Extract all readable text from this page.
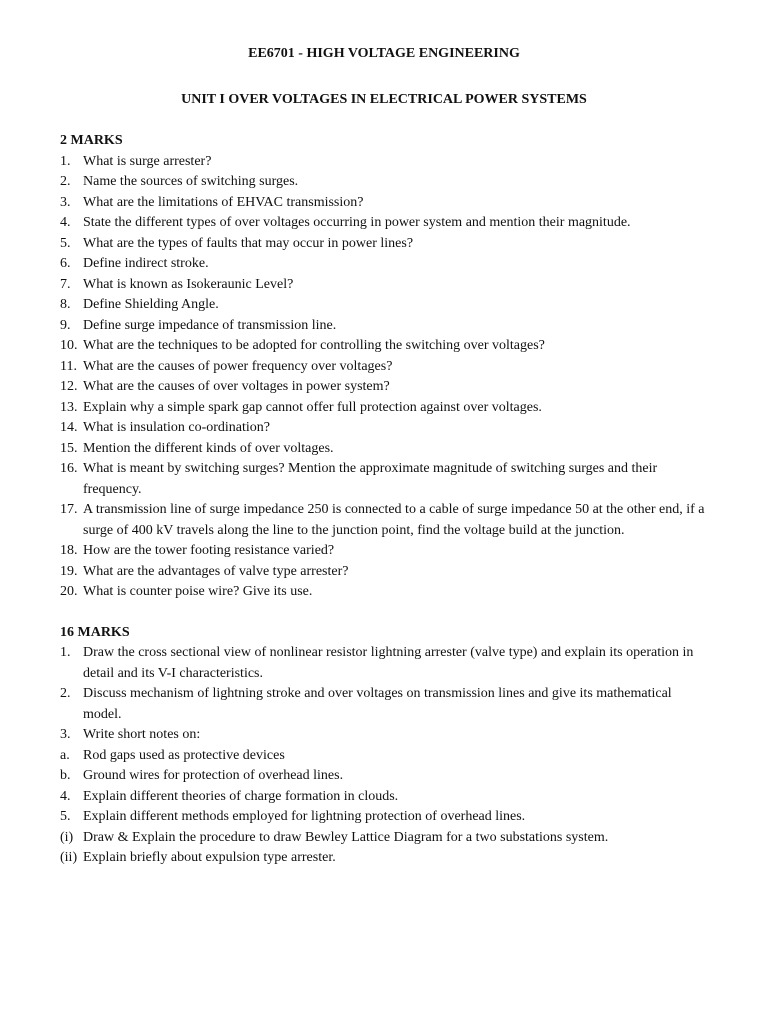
EE6701 - HIGH VOLTAGE ENGINEERING
UNIT I OVER VOLTAGES IN ELECTRICAL POWER SYSTEMS
2 MARKS
1. What is surge arrester?
2. Name the sources of switching surges.
3. What are the limitations of EHVAC transmission?
4. State the different types of over voltages occurring in power system and mention their magnitude.
5. What are the types of faults that may occur in power lines?
6. Define indirect stroke.
7. What is known as Isokeraunic Level?
8. Define Shielding Angle.
9. Define surge impedance of transmission line.
10. What are the techniques to be adopted for controlling the switching over voltages?
11. What are the causes of power frequency over voltages?
12. What are the causes of over voltages in power system?
13. Explain why a simple spark gap cannot offer full protection against over voltages.
14. What is insulation co-ordination?
15. Mention the different kinds of over voltages.
16. What is meant by switching surges? Mention the approximate magnitude of switching surges and their  frequency.
17. A transmission line of surge impedance 250 is connected to a cable of surge impedance 50 at the other end, if a surge of 400 kV travels along the line to the junction point, find the voltage build at the junction.
18. How are the tower footing resistance varied?
19. What are the advantages of valve type arrester?
20. What is counter poise wire? Give its use.
16 MARKS
1. Draw the cross sectional view of nonlinear resistor lightning arrester (valve type) and explain its operation in detail and its V-I characteristics.
2. Discuss mechanism of lightning stroke and over voltages on transmission lines and give its mathematical model.
3. Write short notes on:
a. Rod gaps used as protective devices
b. Ground wires for protection of overhead lines.
4. Explain different theories of charge formation in clouds.
5. Explain different methods employed for lightning protection of overhead lines.
(i) Draw & Explain the procedure to draw Bewley Lattice Diagram for a two substations system.
(ii) Explain briefly about expulsion type arrester.
